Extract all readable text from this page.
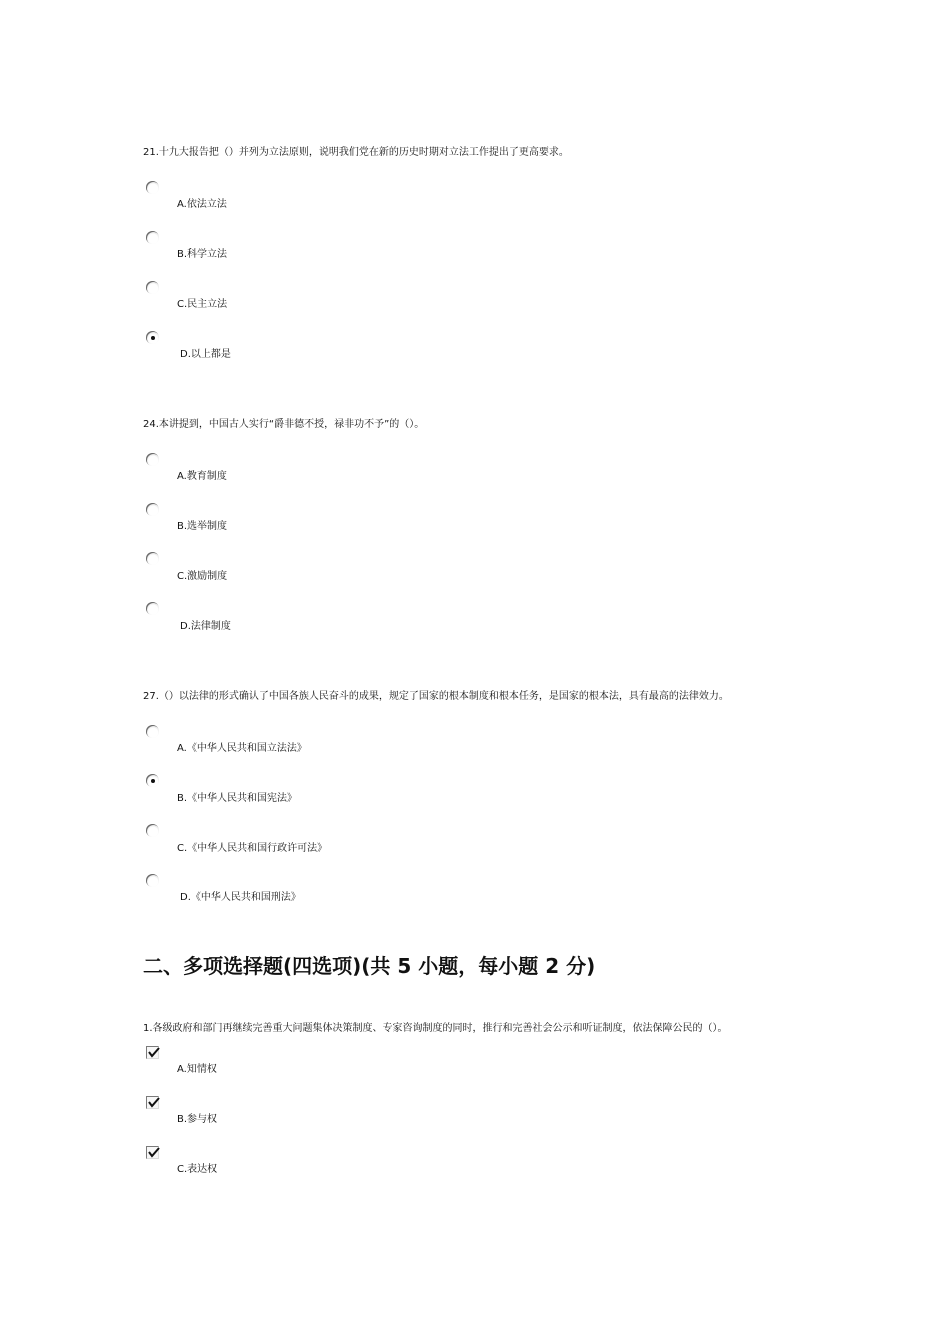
21.十九大报告把（）并列为立法原则，说明我们党在新的历史时期对立法工作提出了更高要求。
A.依法立法
B.科学立法
C.民主立法
D.以上都是
24.本讲提到，中国古人实行“爵非德不授，禄非功不予”的（）。
A.教育制度
B.选举制度
C.激励制度
D.法律制度
27.（）以法律的形式确认了中国各族人民奋斗的成果，规定了国家的根本制度和根本任务，是国家的根本法，具有最高的法律效力。
A.《中华人民共和国立法法》
B.《中华人民共和国宪法》
C.《中华人民共和国行政许可法》
D.《中华人民共和国刑法》
二、多项选择题(四选项)(共 5 小题，每小题 2 分)
1.各级政府和部门再继续完善重大问题集体决策制度、专家咨询制度的同时，推行和完善社会公示和听证制度，依法保障公民的（）。
A.知情权
B.参与权
C.表达权
